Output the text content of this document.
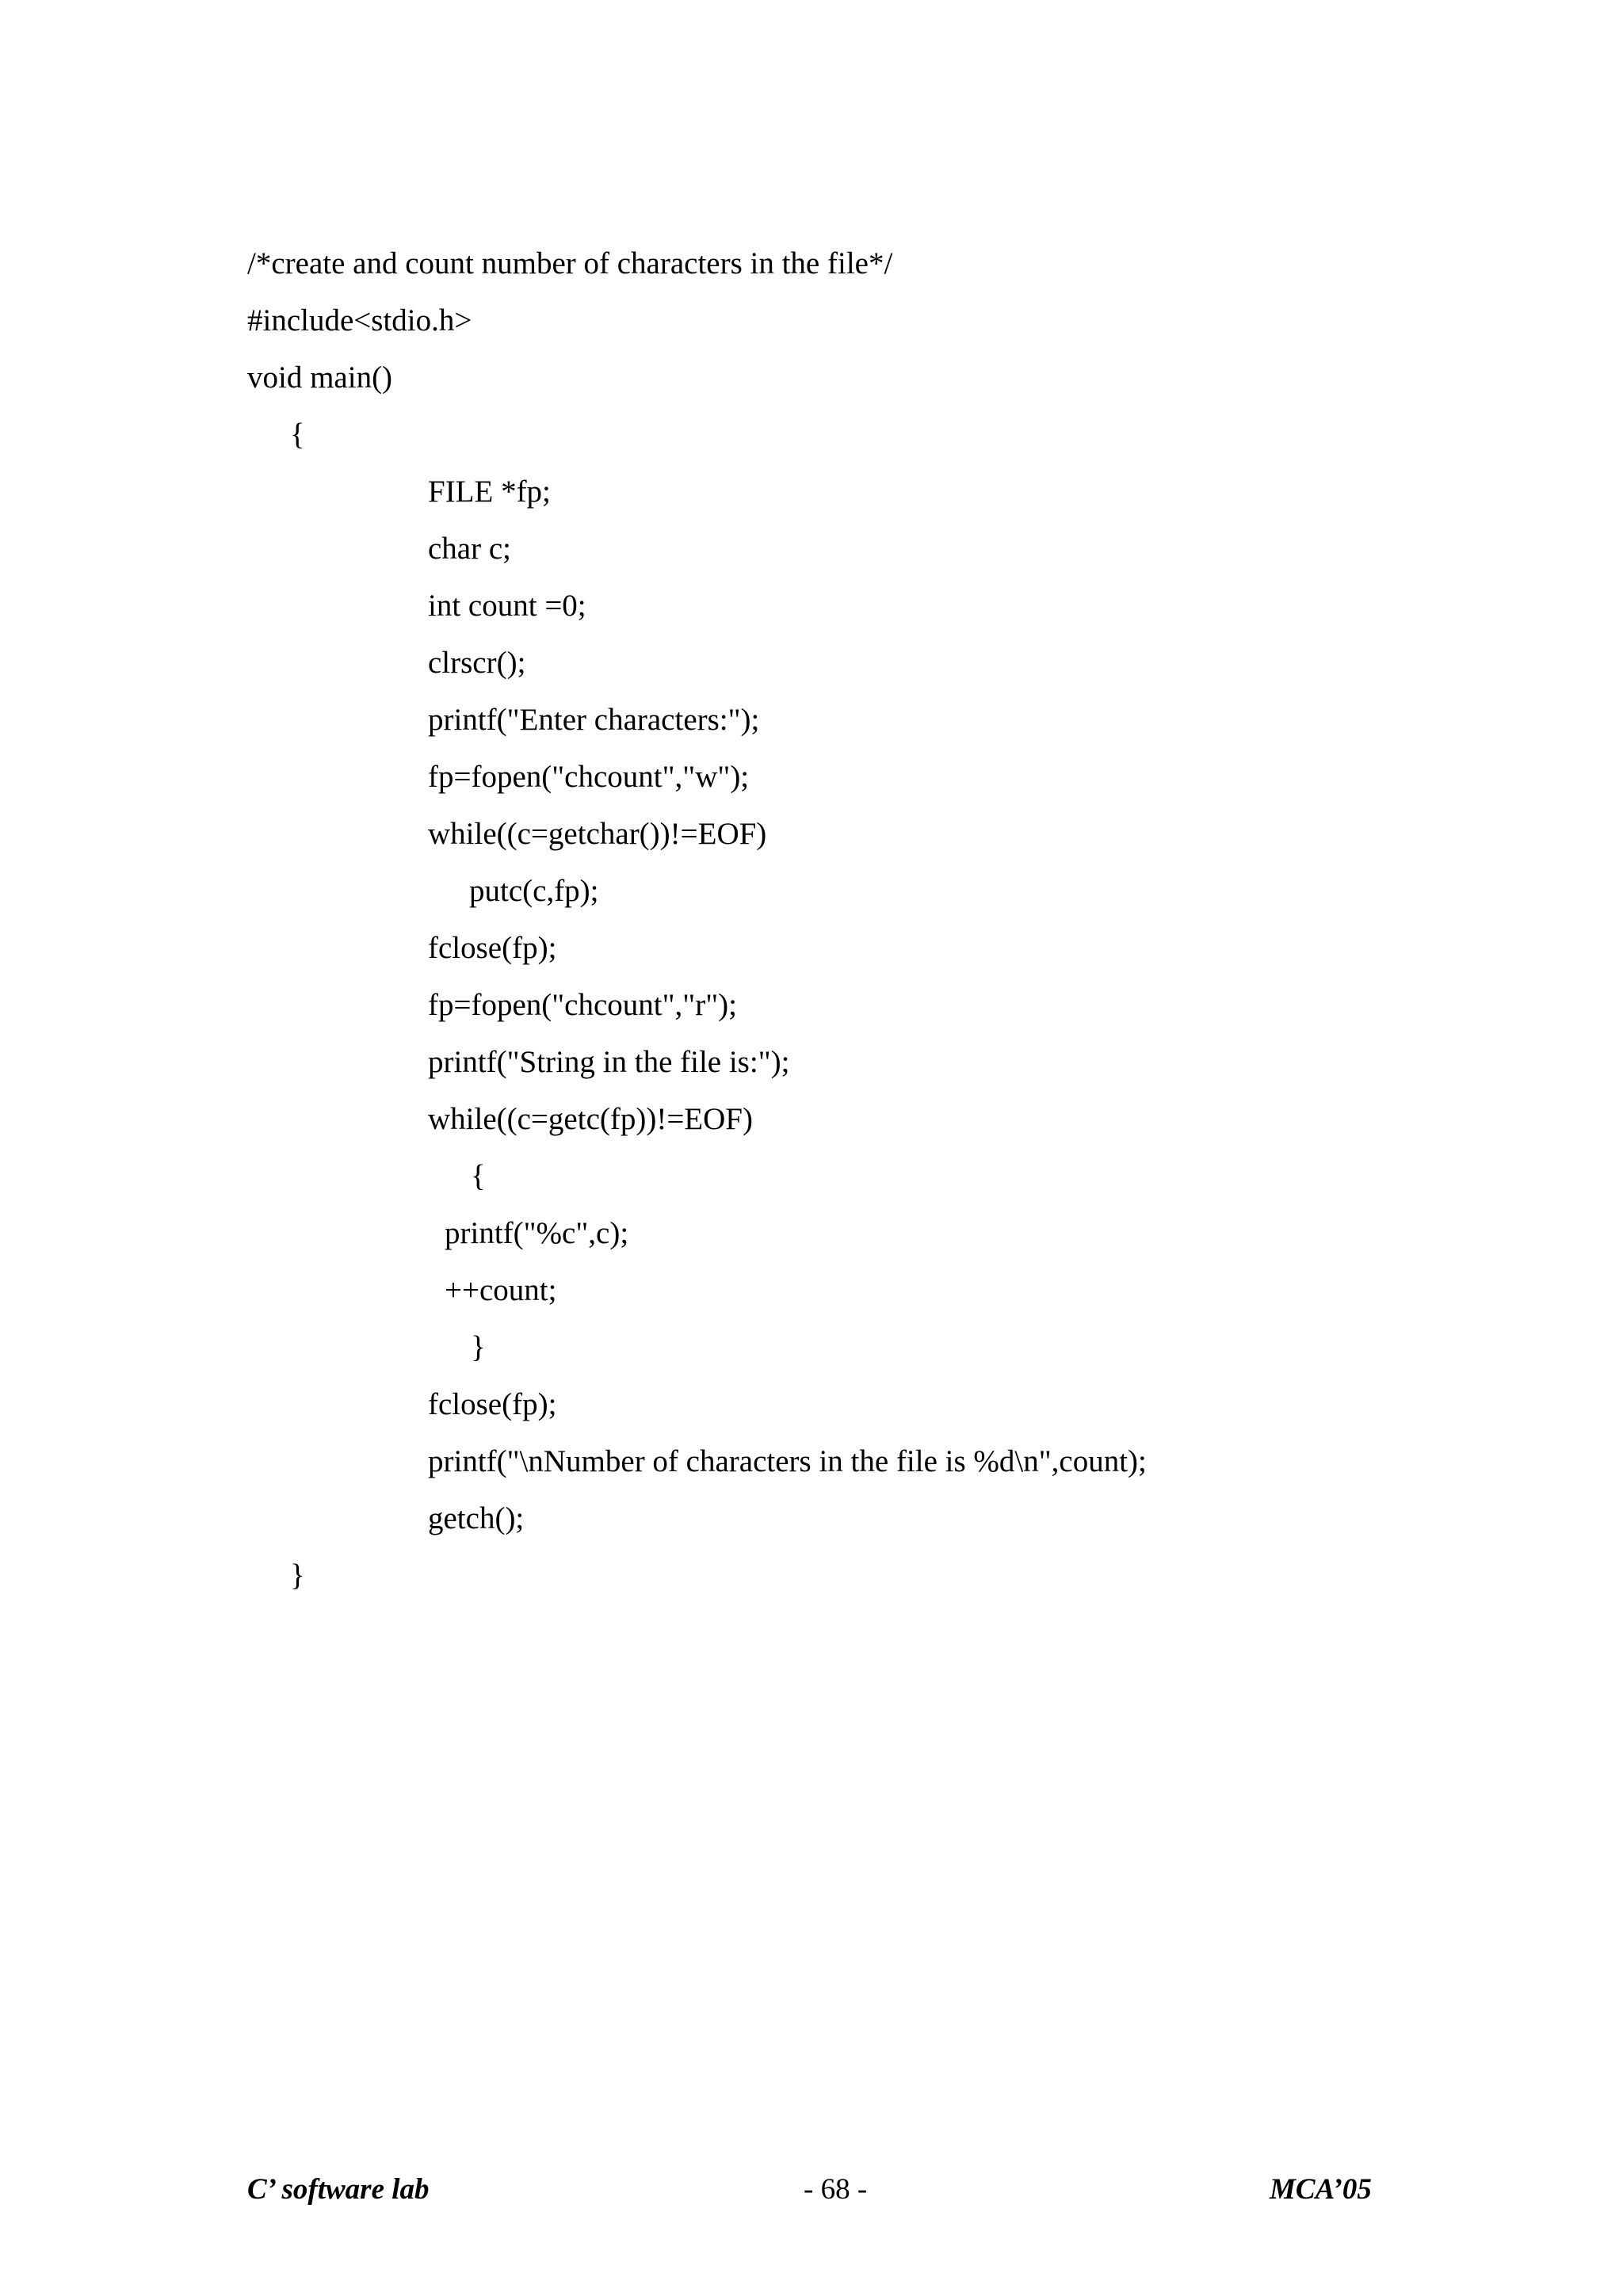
/*create and count number of characters in the file*/
#include<stdio.h>
void main()
{
FILE *fp;
char c;
int count =0;
clrscr();
printf("Enter characters:");
fp=fopen("chcount","w");
while((c=getchar())!=EOF)
putc(c,fp);
fclose(fp);
fp=fopen("chcount","r");
printf("String in the file is:");
while((c=getc(fp))!=EOF)
{
printf("%c",c);
++count;
}
fclose(fp);
printf("\nNumber of characters in the file is %d\n",count);
getch();
}
C’ software lab	- 68 -	MCA’05
